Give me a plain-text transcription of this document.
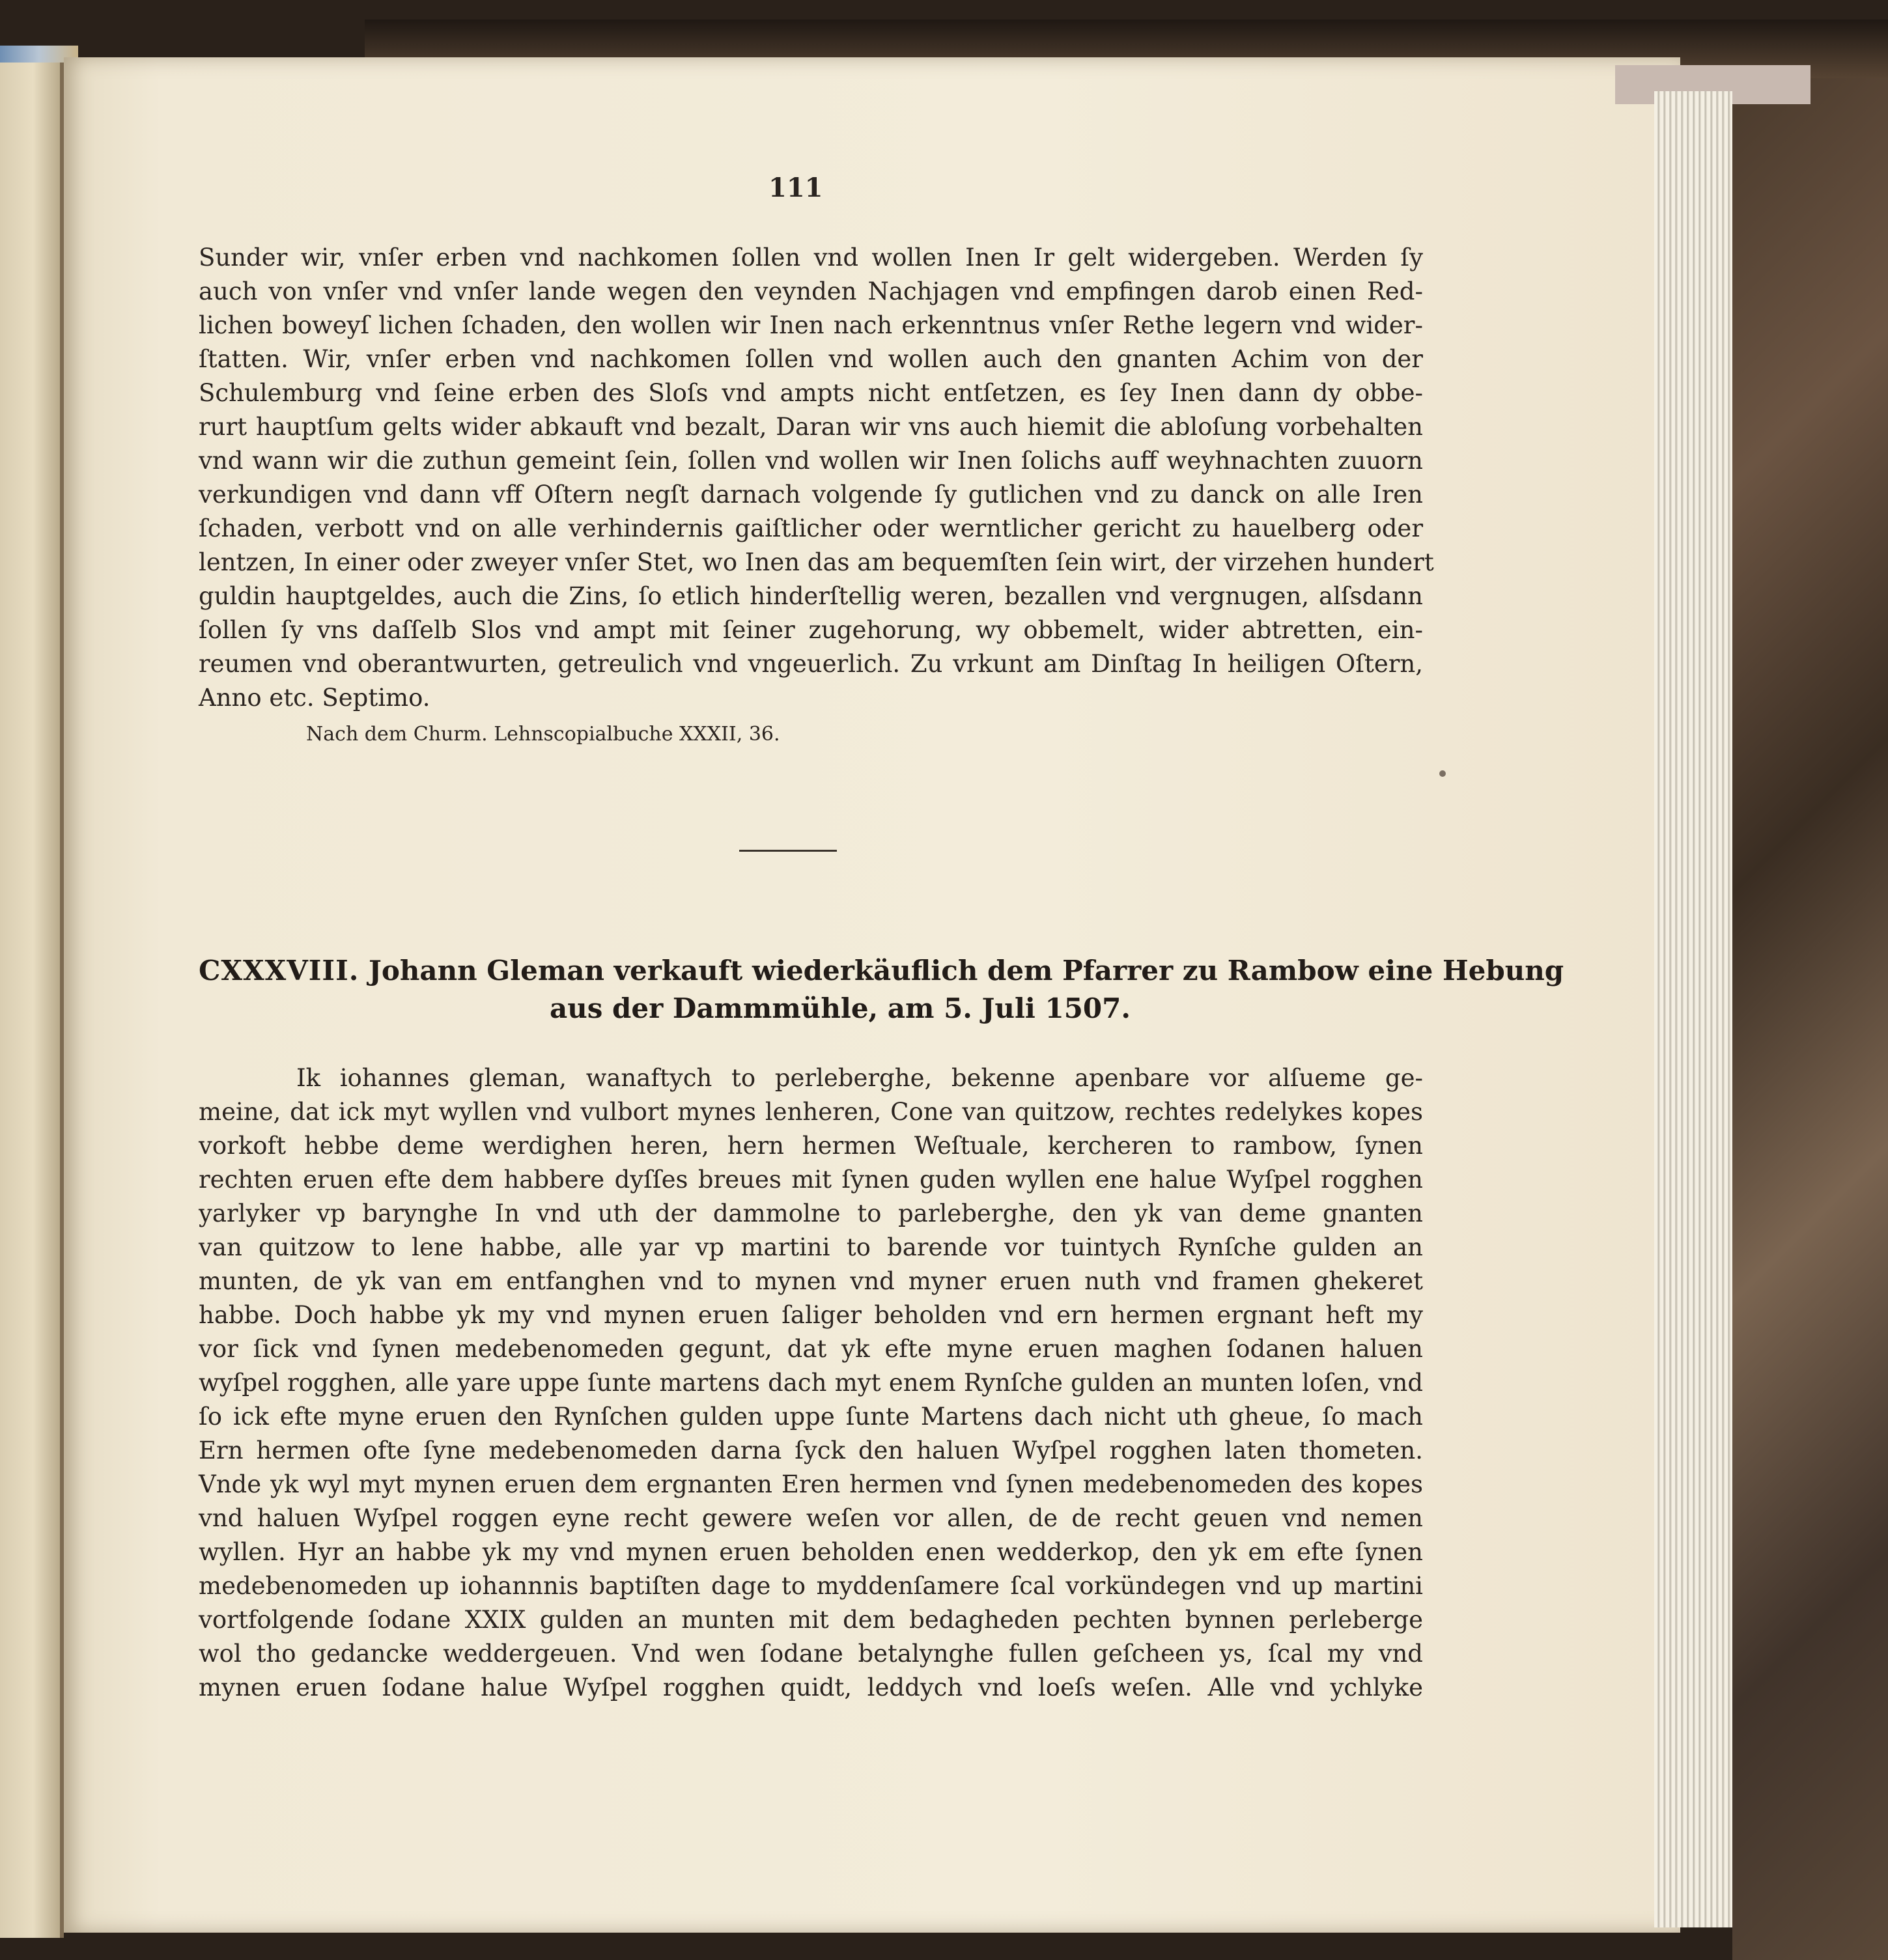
111
Sunder wir, vnſer erben vnd nachkomen ſollen vnd wollen Inen Ir gelt widergeben. Werden ſy
auch von vnſer vnd vnſer lande wegen den veynden Nachjagen vnd empfingen darob einen Red-
lichen boweyſ lichen ſchaden, den wollen wir Inen nach erkenntnus vnſer Rethe legern vnd wider-
ſtatten. Wir, vnſer erben vnd nachkomen ſollen vnd wollen auch den gnanten Achim von der
Schulemburg vnd ſeine erben des Sloſs vnd ampts nicht entſetzen, es ſey Inen dann dy obbe-
rurt hauptſum gelts wider abkauft vnd bezalt, Daran wir vns auch hiemit die abloſung vorbehalten
vnd wann wir die zuthun gemeint ſein, ſollen vnd wollen wir Inen ſolichs auff weyhnachten zuuorn
verkundigen vnd dann vff Oſtern negſt darnach volgende ſy gutlichen vnd zu danck on alle Iren
ſchaden, verbott vnd on alle verhindernis gaiſtlicher oder werntlicher gericht zu hauelberg oder
lentzen, In einer oder zweyer vnſer Stet, wo Inen das am bequemſten ſein wirt, der virzehen hundert
guldin hauptgeldes, auch die Zins, ſo etlich hinderſtellig weren, bezallen vnd vergnugen, alſsdann
ſollen ſy vns daſſelb Slos vnd ampt mit ſeiner zugehorung, wy obbemelt, wider abtretten, ein-
reumen vnd oberantwurten, getreulich vnd vngeuerlich. Zu vrkunt am Dinſtag In heiligen Oſtern,
Anno etc. Septimo.
Nach dem Churm. Lehnscopialbuche XXXII, 36.
CXXXVIII. Johann Gleman verkauft wiederkäuflich dem Pfarrer zu Rambow eine Hebung
aus der Dammmühle, am 5. Juli 1507.
Ik iohannes gleman, wanaftych to perleberghe, bekenne apenbare vor alſueme ge-
meine, dat ick myt wyllen vnd vulbort mynes lenheren, Cone van quitzow, rechtes redelykes kopes
vorkoft hebbe deme werdighen heren, hern hermen Weſtuale, kercheren to rambow, ſynen
rechten eruen efte dem habbere dyſſes breues mit ſynen guden wyllen ene halue Wyſpel rogghen
yarlyker vp barynghe In vnd uth der dammolne to parleberghe, den yk van deme gnanten
van quitzow to lene habbe, alle yar vp martini to barende vor tuintych Rynſche gulden an
munten, de yk van em entfanghen vnd to mynen vnd myner eruen nuth vnd framen ghekeret
habbe. Doch habbe yk my vnd mynen eruen ſaliger beholden vnd ern hermen ergnant heft my
vor ſick vnd ſynen medebenomeden gegunt, dat yk efte myne eruen maghen ſodanen haluen
wyſpel rogghen, alle yare uppe ſunte martens dach myt enem Rynſche gulden an munten loſen, vnd
ſo ick efte myne eruen den Rynſchen gulden uppe ſunte Martens dach nicht uth gheue, ſo mach
Ern hermen ofte ſyne medebenomeden darna ſyck den haluen Wyſpel rogghen laten thometen.
Vnde yk wyl myt mynen eruen dem ergnanten Eren hermen vnd ſynen medebenomeden des kopes
vnd haluen Wyſpel roggen eyne recht gewere weſen vor allen, de de recht geuen vnd nemen
wyllen. Hyr an habbe yk my vnd mynen eruen beholden enen wedderkop, den yk em efte ſynen
medebenomeden up iohannnis baptiſten dage to myddenſamere ſcal vorkündegen vnd up martini
vortfolgende ſodane XXIX gulden an munten mit dem bedagheden pechten bynnen perleberge
wol tho gedancke weddergeuen. Vnd wen ſodane betalynghe fullen geſcheen ys, ſcal my vnd
mynen eruen ſodane halue Wyſpel rogghen quidt, leddych vnd loeſs weſen. Alle vnd ychlyke
